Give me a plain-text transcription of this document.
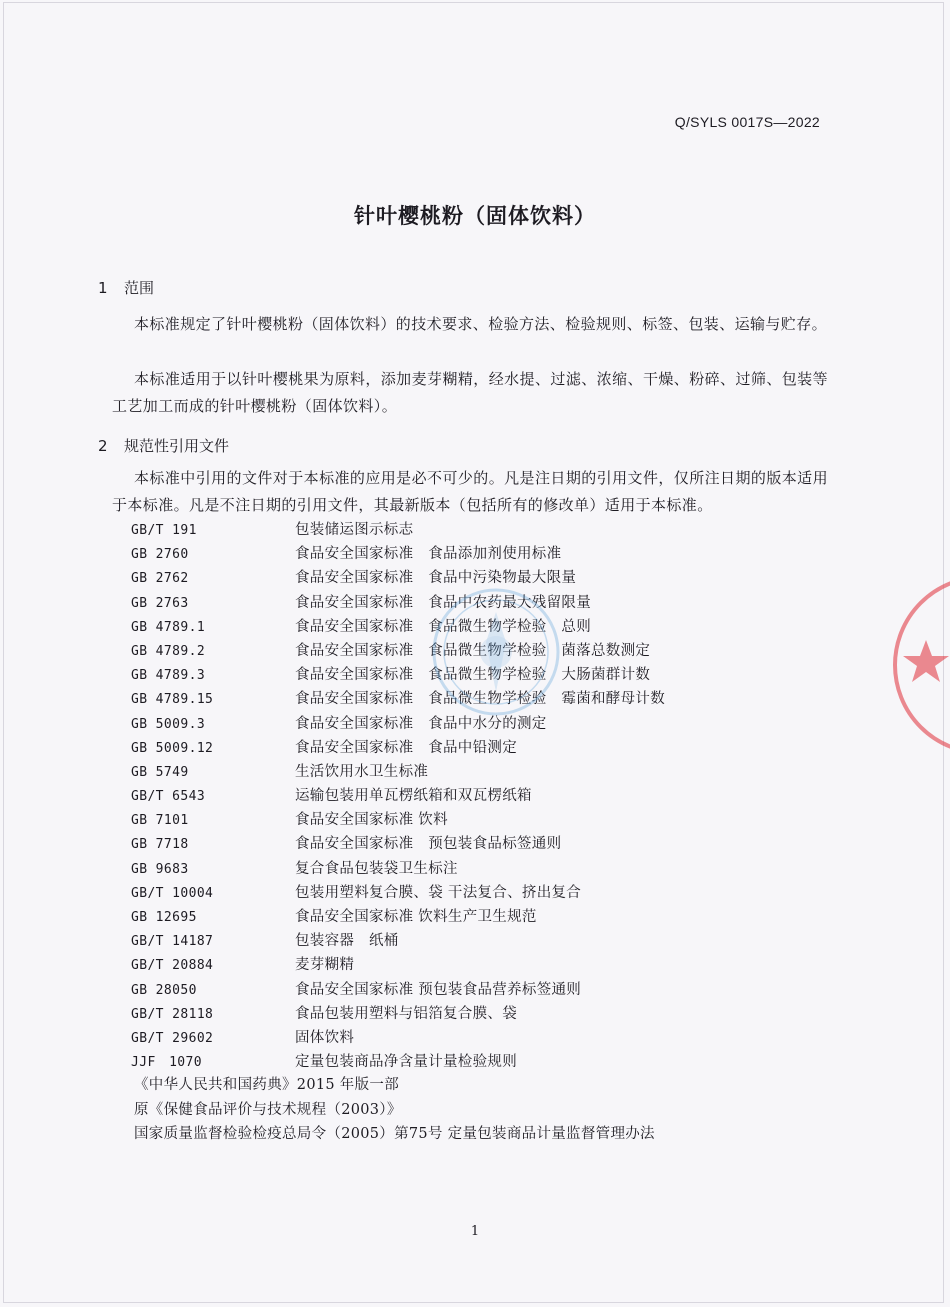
Q/SYLS 0017S—2022
针叶樱桃粉（固体饮料）
1 范围
本标准规定了针叶樱桃粉（固体饮料）的技术要求、检验方法、检验规则、标签、包装、运输与贮存。
本标准适用于以针叶樱桃果为原料，添加麦芽糊精，经水提、过滤、浓缩、干燥、粉碎、过筛、包装等工艺加工而成的针叶樱桃粉（固体饮料）。
2 规范性引用文件
本标准中引用的文件对于本标准的应用是必不可少的。凡是注日期的引用文件，仅所注日期的版本适用于本标准。凡是不注日期的引用文件，其最新版本（包括所有的修改单）适用于本标准。
GB/T 191	包装储运图示标志
GB 2760	食品安全国家标准　食品添加剂使用标准
GB 2762	食品安全国家标准　食品中污染物最大限量
GB 2763	食品安全国家标准　食品中农药最大残留限量
GB 4789.1	食品安全国家标准　食品微生物学检验　总则
GB 4789.2	食品安全国家标准　食品微生物学检验　菌落总数测定
GB 4789.3	食品安全国家标准　食品微生物学检验　大肠菌群计数
GB 4789.15	食品安全国家标准　食品微生物学检验　霉菌和酵母计数
GB 5009.3	食品安全国家标准　食品中水分的测定
GB 5009.12	食品安全国家标准　食品中铅测定
GB 5749	生活饮用水卫生标准
GB/T 6543	运输包装用单瓦楞纸箱和双瓦楞纸箱
GB 7101	食品安全国家标准 饮料
GB 7718	食品安全国家标准　预包装食品标签通则
GB 9683	复合食品包装袋卫生标注
GB/T 10004	包装用塑料复合膜、袋 干法复合、挤出复合
GB 12695	食品安全国家标准 饮料生产卫生规范
GB/T 14187	包装容器　纸桶
GB/T 20884	麦芽糊精
GB 28050	食品安全国家标准 预包装食品营养标签通则
GB/T 28118	食品包装用塑料与铝箔复合膜、袋
GB/T 29602	固体饮料
JJF　1070	定量包装商品净含量计量检验规则
《中华人民共和国药典》2015 年版一部
原《保健食品评价与技术规程（2003）》
国家质量监督检验检疫总局令（2005）第75号 定量包装商品计量监督管理办法
1
